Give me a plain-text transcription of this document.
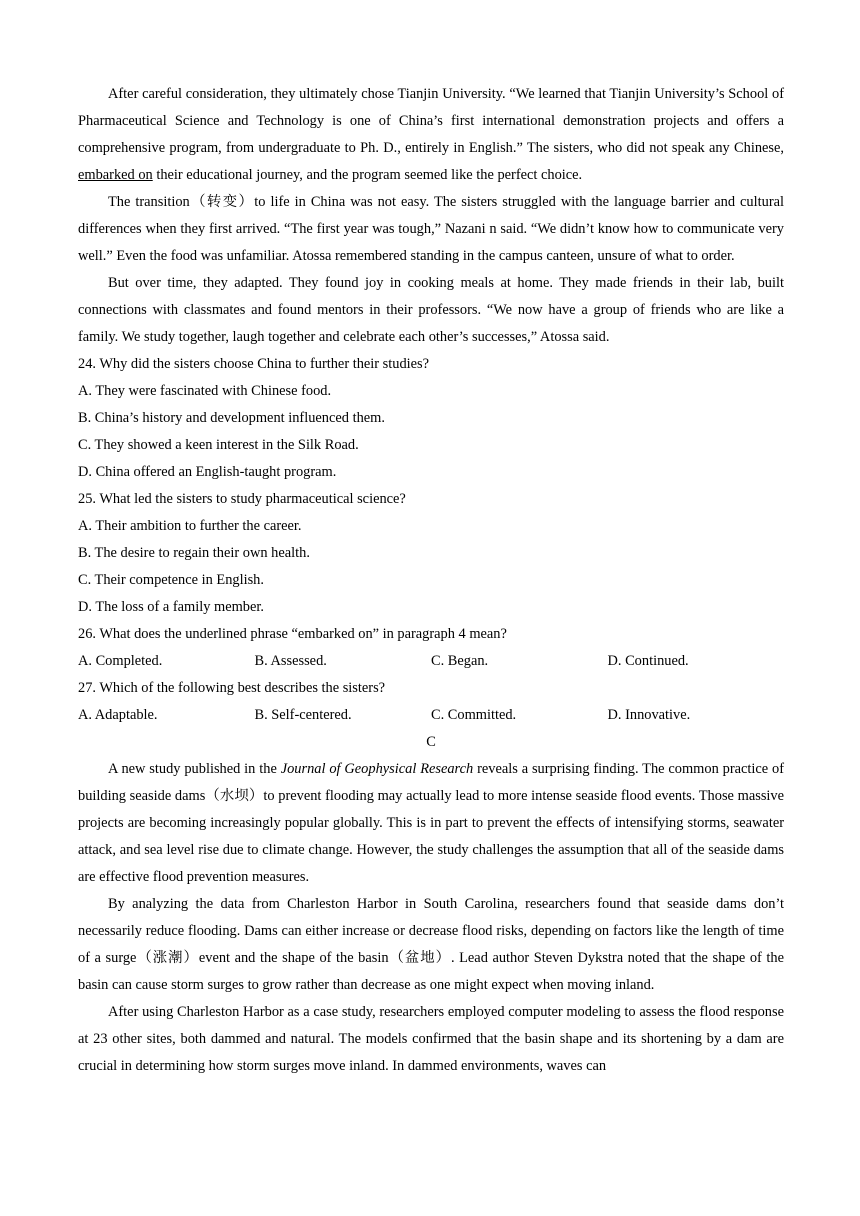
After careful consideration, they ultimately chose Tianjin University. “We learned that Tianjin University’s School of Pharmaceutical Science and Technology is one of China’s first international demonstration projects and offers a comprehensive program, from undergraduate to Ph. D., entirely in English.” The sisters, who did not speak any Chinese, embarked on their educational journey, and the program seemed like the perfect choice.

The transition（转变）to life in China was not easy. The sisters struggled with the language barrier and cultural differences when they first arrived. “The first year was tough,” Nazani n said. “We didn’t know how to communicate very well.” Even the food was unfamiliar. Atossa remembered standing in the campus canteen, unsure of what to order.

But over time, they adapted. They found joy in cooking meals at home. They made friends in their lab, built connections with classmates and found mentors in their professors. “We now have a group of friends who are like a family. We study together, laugh together and celebrate each other’s successes,” Atossa said.

24. Why did the sisters choose China to further their studies?

A. They were fascinated with Chinese food.

B. China’s history and development influenced them.

C. They showed a keen interest in the Silk Road.

D. China offered an English-taught program.

25. What led the sisters to study pharmaceutical science?

A. Their ambition to further the career.

B. The desire to regain their own health.

C. Their competence in English.

D. The loss of a family member.

26. What does the underlined phrase “embarked on” in paragraph 4 mean?

A. Completed.	B. Assessed.	C. Began.	D. Continued.

27. Which of the following best describes the sisters?

A. Adaptable.	B. Self-centered.	C. Committed.	D. Innovative.

C

A new study published in the Journal of Geophysical Research reveals a surprising finding. The common practice of building seaside dams（水坝）to prevent flooding may actually lead to more intense seaside flood events. Those massive projects are becoming increasingly popular globally. This is in part to prevent the effects of intensifying storms, seawater attack, and sea level rise due to climate change. However, the study challenges the assumption that all of the seaside dams are effective flood prevention measures.

By analyzing the data from Charleston Harbor in South Carolina, researchers found that seaside dams don’t necessarily reduce flooding. Dams can either increase or decrease flood risks, depending on factors like the length of time of a surge（涨潮）event and the shape of the basin（盆地）. Lead author Steven Dykstra noted that the shape of the basin can cause storm surges to grow rather than decrease as one might expect when moving inland.

After using Charleston Harbor as a case study, researchers employed computer modeling to assess the flood response at 23 other sites, both dammed and natural. The models confirmed that the basin shape and its shortening by a dam are crucial in determining how storm surges move inland. In dammed environments, waves can
